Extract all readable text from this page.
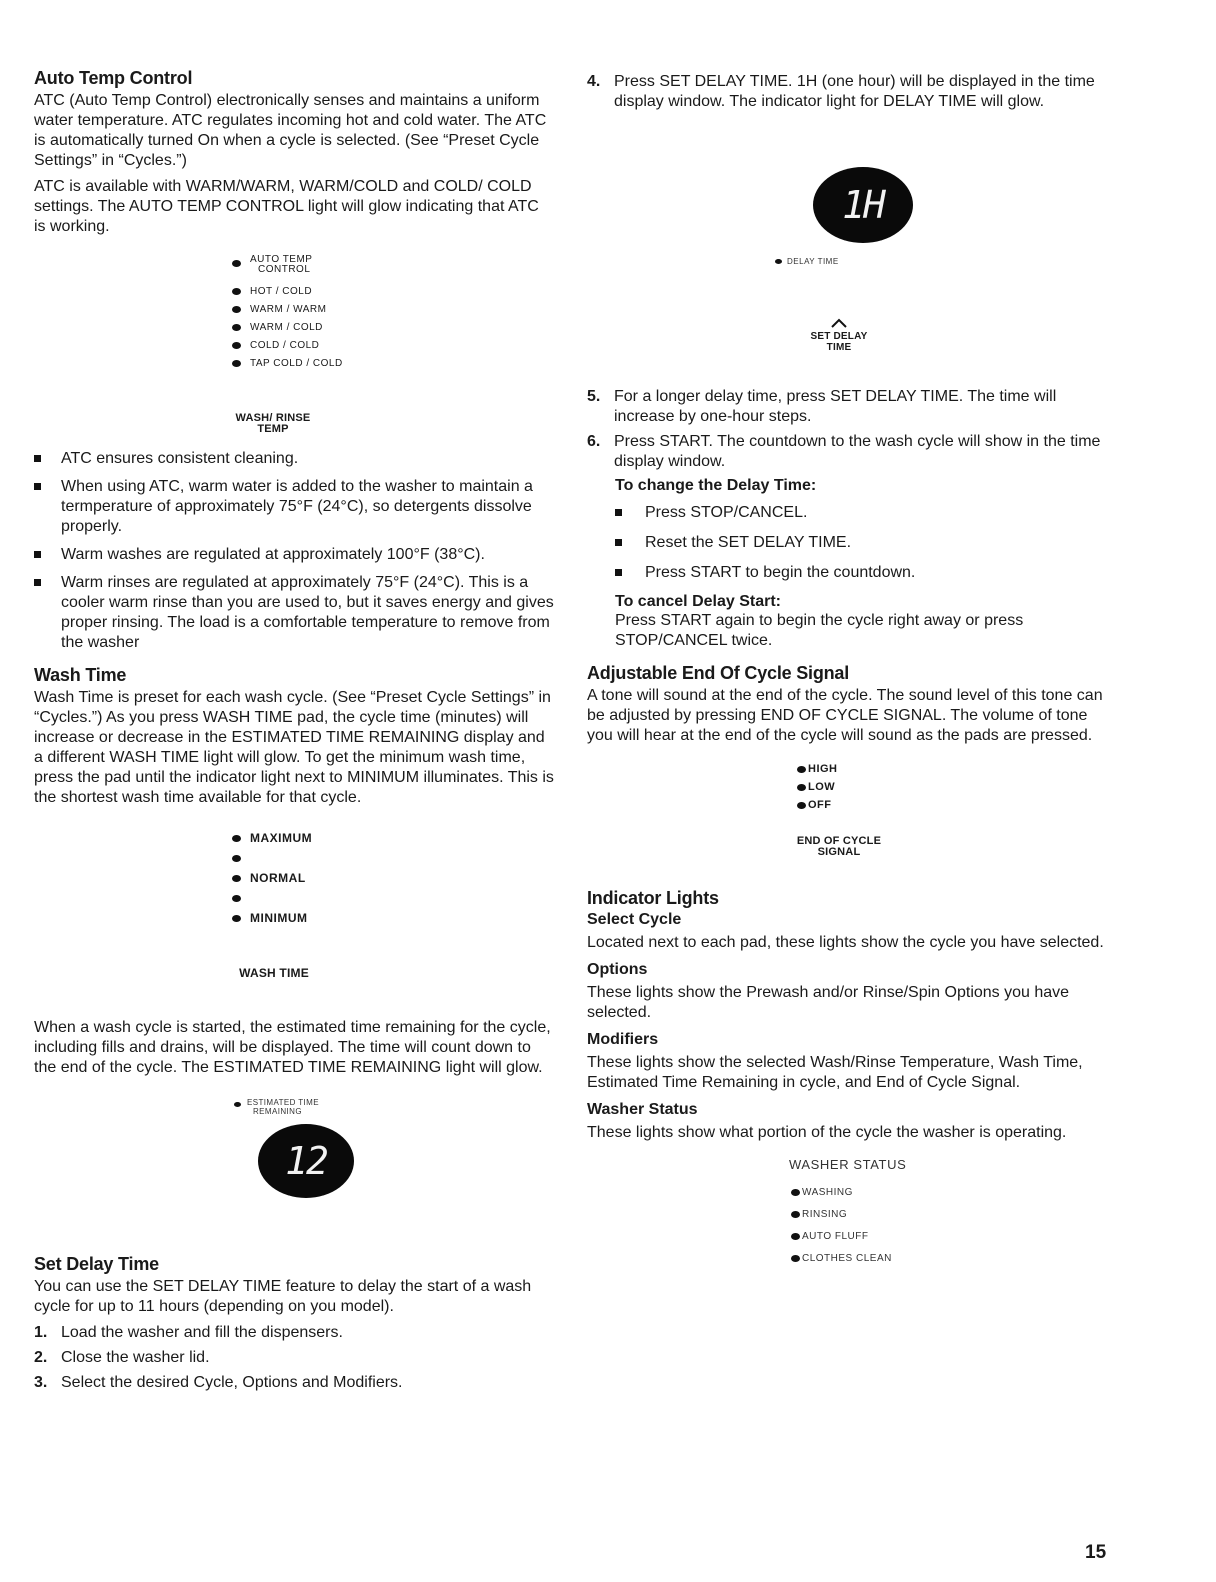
Auto Temp Control

ATC (Auto Temp Control) electronically senses and maintains a uniform water temperature. ATC regulates incoming hot and cold water. The ATC is automatically turned On when a cycle is selected. (See “Preset Cycle Settings” in “Cycles.”)

ATC is available with WARM/WARM, WARM/COLD and COLD/ COLD settings. The AUTO TEMP CONTROL light will glow indicating that ATC is working.

AUTO TEMP
CONTROL
HOT / COLD
WARM / WARM
WARM / COLD
COLD / COLD
TAP COLD / COLD
WASH/ RINSE
TEMP
ATC ensures consistent cleaning.
When using ATC, warm water is added to the washer to maintain a termperature of approximately 75°F (24°C), so detergents dissolve properly.
Warm washes are regulated at approximately 100°F (38°C).
Warm rinses are regulated at approximately 75°F (24°C). This is a cooler warm rinse than you are used to, but it saves energy and gives proper rinsing. The load is a comfortable temperature to remove from the washer
Wash Time

Wash Time is preset for each wash cycle. (See “Preset Cycle Settings” in “Cycles.”) As you press WASH TIME pad, the cycle time (minutes) will increase or decrease in the ESTIMATED TIME REMAINING display and a different WASH TIME light will glow. To get the minimum wash time, press the pad until the indicator light next to MINIMUM illuminates. This is the shortest wash time available for that cycle.

MAXIMUM
NORMAL
MINIMUM
WASH TIME

When a wash cycle is started, the estimated time remaining for the cycle, including fills and drains, will be displayed. The time will count down to the end of the cycle. The ESTIMATED TIME REMAINING light will glow.

ESTIMATED TIME
REMAINING
12
Set Delay Time

You can use the SET DELAY TIME feature to delay the start of a wash cycle for up to 11 hours (depending on you model).

1. Load the washer and fill the dispensers.
2. Close the washer lid.
3. Select the desired Cycle, Options and Modifiers.
4. Press SET DELAY TIME. 1H (one hour) will be displayed in the time display window. The indicator light for DELAY TIME will glow.
1H
DELAY TIME
SET DELAY
TIME
5. For a longer delay time, press SET DELAY TIME. The time will increase by one-hour steps.
6. Press START. The countdown to the wash cycle will show in the time display window.
To change the Delay Time:
Press STOP/CANCEL.
Reset the SET DELAY TIME.
Press START to begin the countdown.
To cancel Delay Start:

Press START again to begin the cycle right away or press STOP/CANCEL twice.

Adjustable End Of Cycle Signal

A tone will sound at the end of the cycle. The sound level of this tone can be adjusted by pressing END OF CYCLE SIGNAL. The volume of tone you will hear at the end of the cycle will sound as the pads are pressed.

HIGH
LOW
OFF
END OF CYCLE
SIGNAL
Indicator Lights
Select Cycle

Located next to each pad, these lights show the cycle you have selected.

Options

These lights show the Prewash and/or Rinse/Spin Options you have selected.

Modifiers

These lights show the selected Wash/Rinse Temperature, Wash Time, Estimated Time Remaining in cycle, and End of Cycle Signal.

Washer Status

These lights show what portion of the cycle the washer is operating.

WASHER STATUS
WASHING
RINSING
AUTO FLUFF
CLOTHES CLEAN
15
